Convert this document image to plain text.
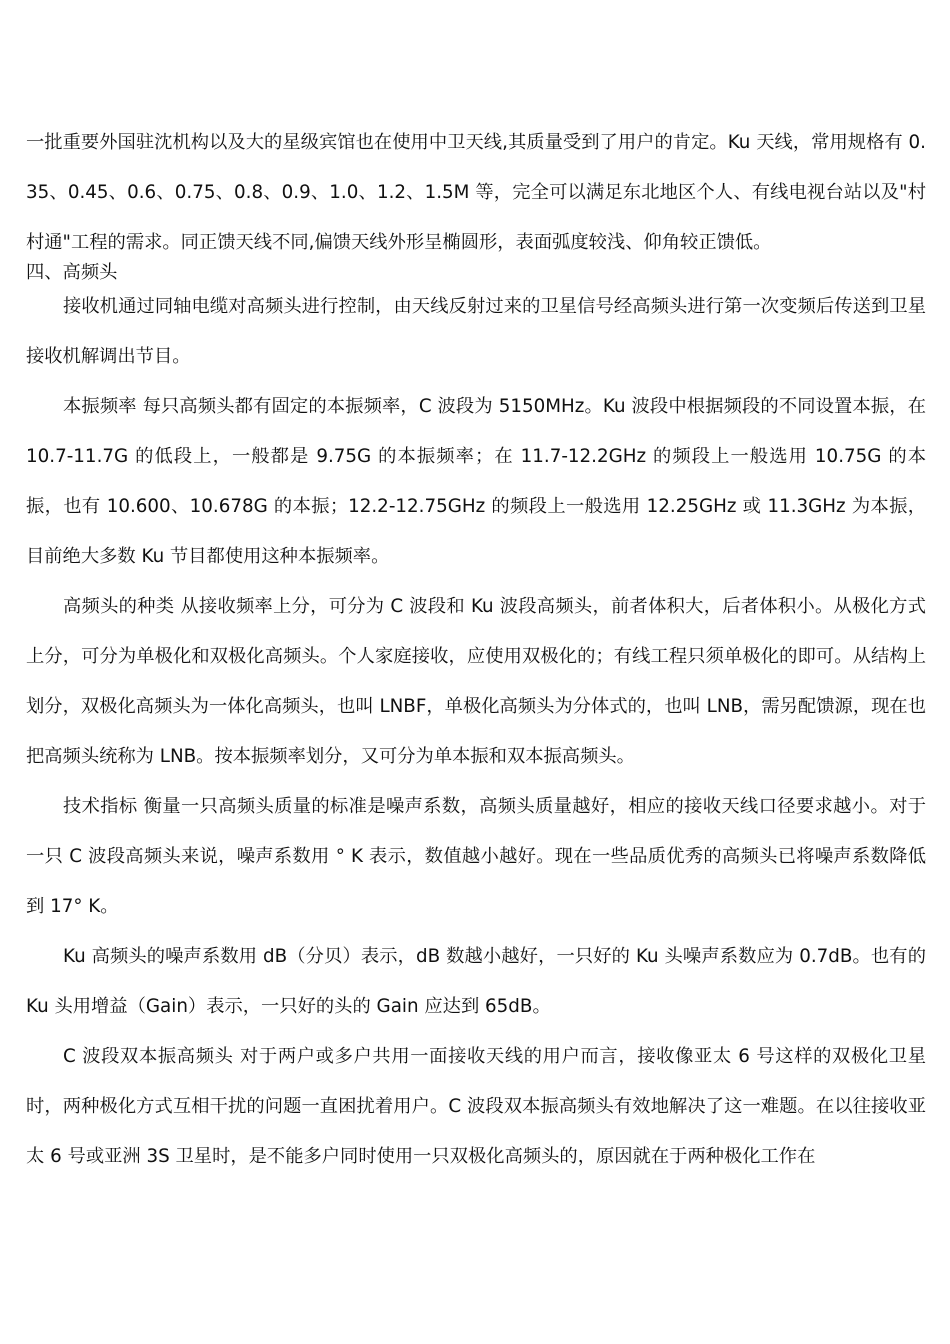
一批重要外国驻沈机构以及大的星级宾馆也在使用中卫天线,其质量受到了用户的肯定。Ku 天线，常用规格有 0.35、0.45、0.6、0.75、0.8、0.9、1.0、1.2、1.5M 等，完全可以满足东北地区个人、有线电视台站以及"村村通"工程的需求。同正馈天线不同,偏馈天线外形呈椭圆形，表面弧度较浅、仰角较正馈低。

四、高频头

接收机通过同轴电缆对高频头进行控制，由天线反射过来的卫星信号经高频头进行第一次变频后传送到卫星接收机解调出节目。

本振频率 每只高频头都有固定的本振频率，C 波段为 5150MHz。Ku 波段中根据频段的不同设置本振，在 10.7-11.7G 的低段上，一般都是 9.75G 的本振频率；在 11.7-12.2GHz 的频段上一般选用 10.75G 的本振，也有 10.600、10.678G 的本振；12.2-12.75GHz 的频段上一般选用 12.25GHz 或 11.3GHz 为本振，目前绝大多数 Ku 节目都使用这种本振频率。

高频头的种类 从接收频率上分，可分为 C 波段和 Ku 波段高频头，前者体积大，后者体积小。从极化方式上分，可分为单极化和双极化高频头。个人家庭接收，应使用双极化的；有线工程只须单极化的即可。从结构上划分，双极化高频头为一体化高频头，也叫 LNBF，单极化高频头为分体式的，也叫 LNB，需另配馈源，现在也把高频头统称为 LNB。按本振频率划分，又可分为单本振和双本振高频头。

技术指标 衡量一只高频头质量的标准是噪声系数，高频头质量越好，相应的接收天线口径要求越小。对于一只 C 波段高频头来说，噪声系数用 ° K 表示，数值越小越好。现在一些品质优秀的高频头已将噪声系数降低到 17° K。

Ku 高频头的噪声系数用 dB（分贝）表示，dB 数越小越好，一只好的 Ku 头噪声系数应为 0.7dB。也有的 Ku 头用增益（Gain）表示，一只好的头的 Gain 应达到 65dB。

C 波段双本振高频头 对于两户或多户共用一面接收天线的用户而言，接收像亚太 6 号这样的双极化卫星时，两种极化方式互相干扰的问题一直困扰着用户。C 波段双本振高频头有效地解决了这一难题。在以往接收亚太 6 号或亚洲 3S 卫星时，是不能多户同时使用一只双极化高频头的，原因就在于两种极化工作在
